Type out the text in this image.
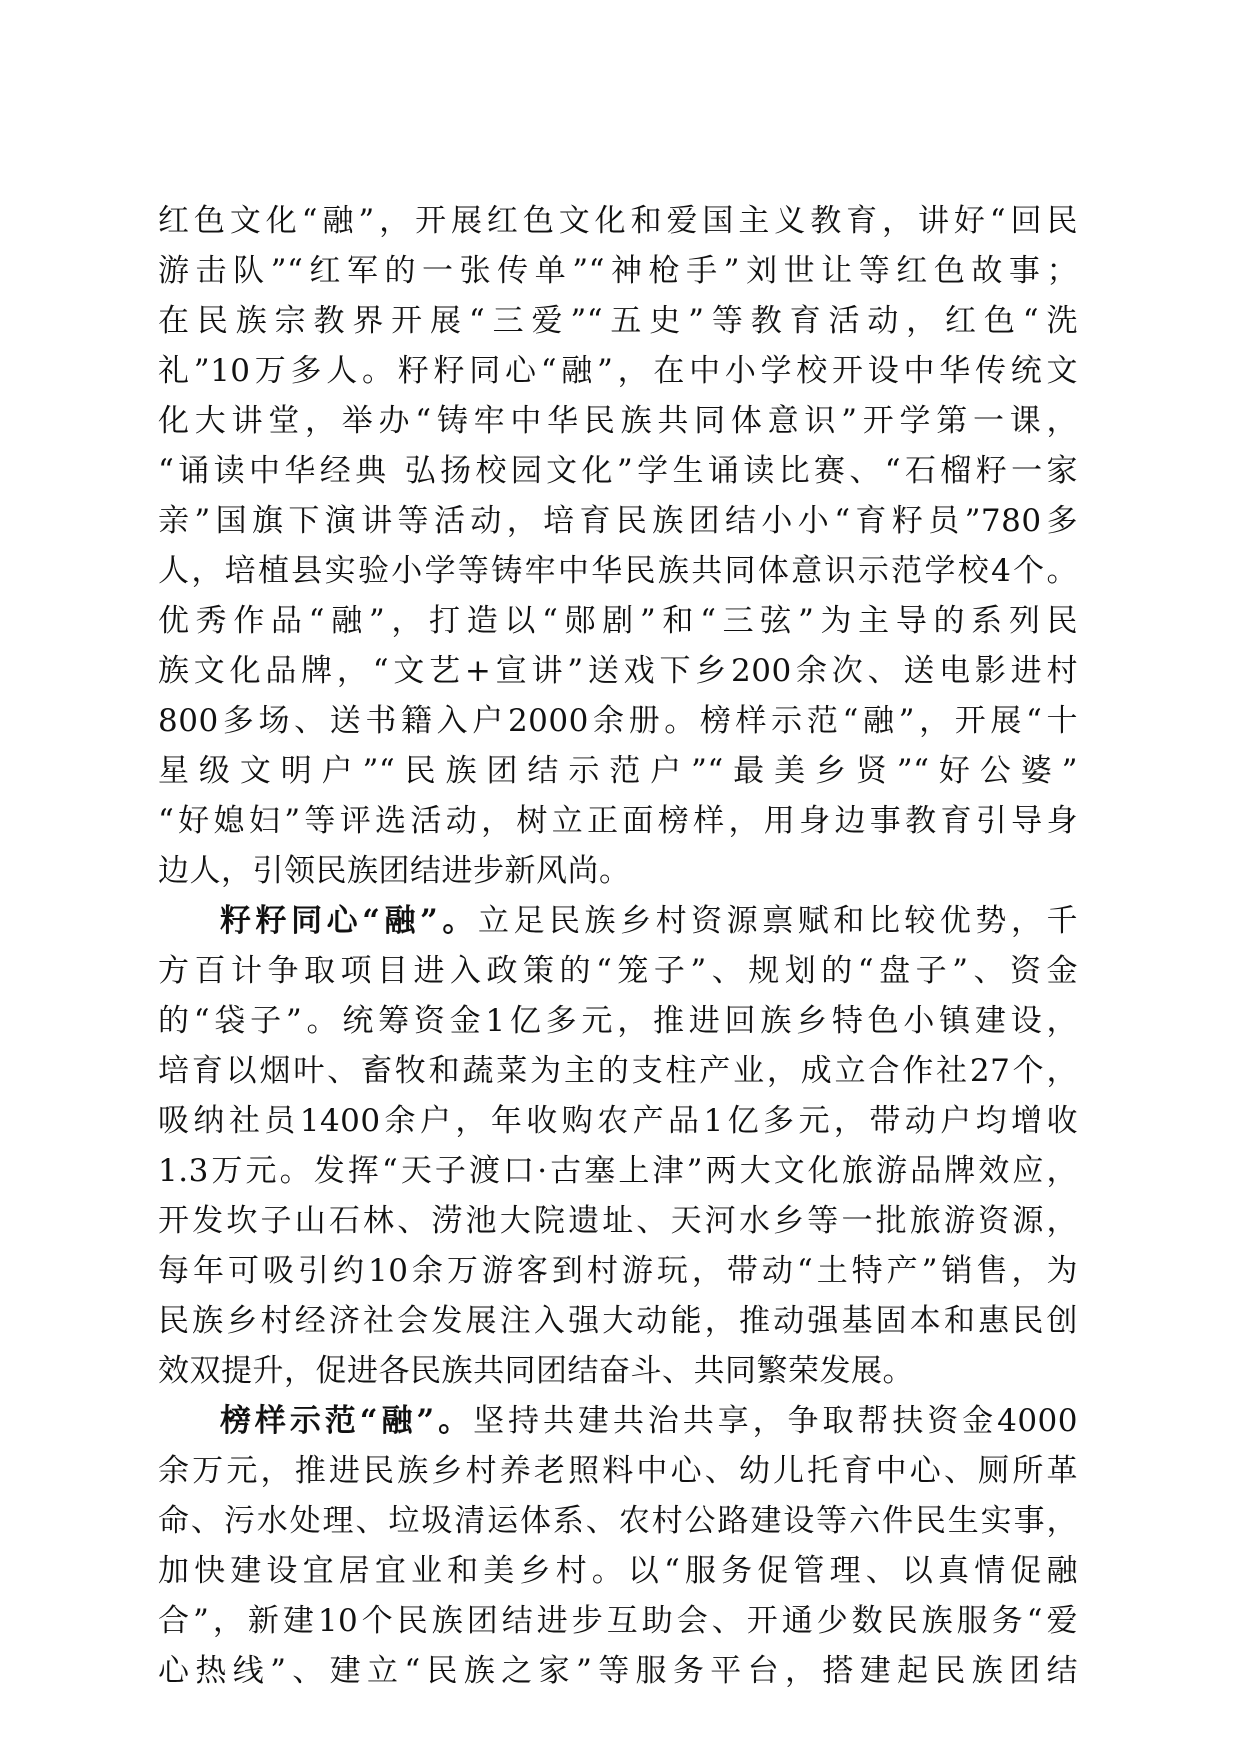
红色文化“融”，开展红色文化和爱国主义教育，讲好“回民
游击队”“红军的一张传单”“神枪手”刘世让等红色故事；
在民族宗教界开展“三爱”“五史”等教育活动，红色“洗
礼”10万多人。籽籽同心“融”，在中小学校开设中华传统文
化大讲堂，举办“铸牢中华民族共同体意识”开学第一课，
“诵读中华经典 弘扬校园文化”学生诵读比赛、“石榴籽一家
亲”国旗下演讲等活动，培育民族团结小小“育籽员”780多
人，培植县实验小学等铸牢中华民族共同体意识示范学校4个。
优秀作品“融”，打造以“郧剧”和“三弦”为主导的系列民
族文化品牌，“文艺+宣讲”送戏下乡200余次、送电影进村
800多场、送书籍入户2000余册。榜样示范“融”，开展“十
星级文明户”“民族团结示范户”“最美乡贤”“好公婆”
“好媳妇”等评选活动，树立正面榜样，用身边事教育引导身
边人，引领民族团结进步新风尚。
籽籽同心“融”。立足民族乡村资源禀赋和比较优势，千
方百计争取项目进入政策的“笼子”、规划的“盘子”、资金
的“袋子”。统筹资金1亿多元，推进回族乡特色小镇建设，
培育以烟叶、畜牧和蔬菜为主的支柱产业，成立合作社27个，
吸纳社员1400余户，年收购农产品1亿多元，带动户均增收
1.3万元。发挥“天子渡口·古塞上津”两大文化旅游品牌效应，
开发坎子山石林、涝池大院遗址、天河水乡等一批旅游资源，
每年可吸引约10余万游客到村游玩，带动“土特产”销售，为
民族乡村经济社会发展注入强大动能，推动强基固本和惠民创
效双提升，促进各民族共同团结奋斗、共同繁荣发展。
榜样示范“融”。坚持共建共治共享，争取帮扶资金4000
余万元，推进民族乡村养老照料中心、幼儿托育中心、厕所革
命、污水处理、垃圾清运体系、农村公路建设等六件民生实事，
加快建设宜居宜业和美乡村。以“服务促管理、以真情促融
合”，新建10个民族团结进步互助会、开通少数民族服务“爱
心热线”、建立“民族之家”等服务平台，搭建起民族团结
